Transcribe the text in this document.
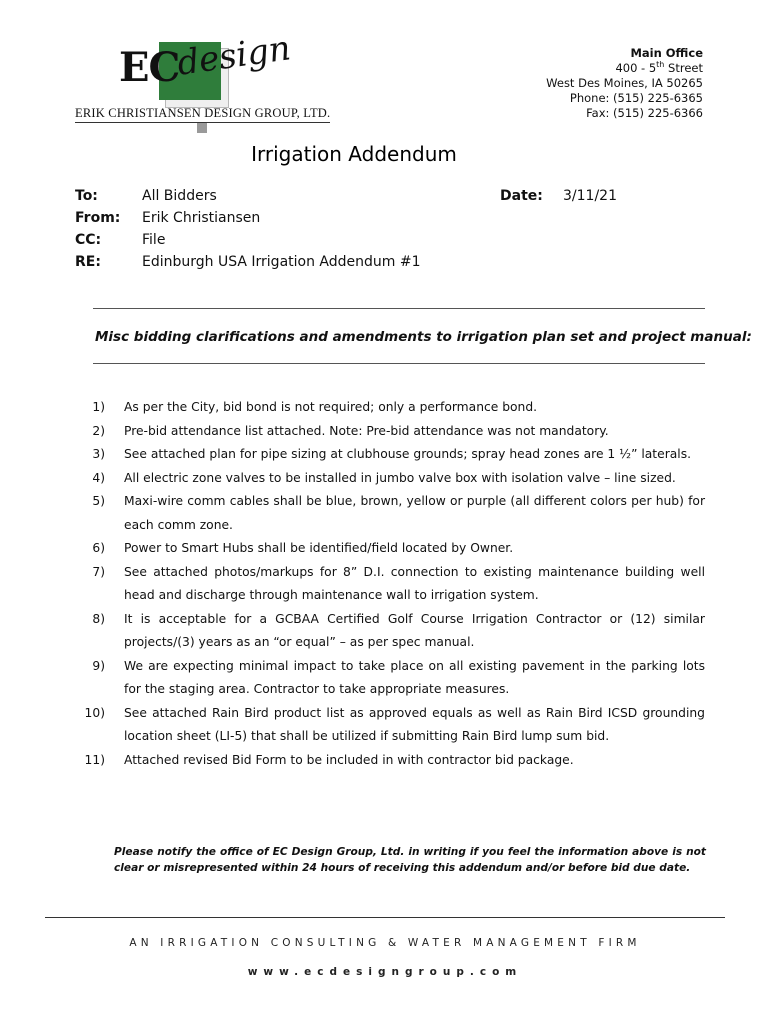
EC
design
ERIK CHRISTIANSEN DESIGN GROUP, LTD.
Main Office
400 - 5th Street
West Des Moines, IA 50265
Phone: (515) 225-6365
Fax: (515) 225-6366
Irrigation Addendum
To:	All Bidders
From: Erik Christiansen
CC:	File
RE:	Edinburgh USA Irrigation Addendum #1
Date: 3/11/21
Misc bidding clarifications and amendments to irrigation plan set and project manual:
1) As per the City, bid bond is not required; only a performance bond.
2) Pre-bid attendance list attached. Note: Pre-bid attendance was not mandatory.
3) See attached plan for pipe sizing at clubhouse grounds; spray head zones are 1 ½” laterals.
4) All electric zone valves to be installed in jumbo valve box with isolation valve – line sized.
5) Maxi-wire comm cables shall be blue, brown, yellow or purple (all different colors per hub) for each comm zone.
6) Power to Smart Hubs shall be identified/field located by Owner.
7) See attached photos/markups for 8” D.I. connection to existing maintenance building well head and discharge through maintenance wall to irrigation system.
8) It is acceptable for a GCBAA Certified Golf Course Irrigation Contractor or (12) similar projects/(3) years as an “or equal” – as per spec manual.
9) We are expecting minimal impact to take place on all existing pavement in the parking lots for the staging area. Contractor to take appropriate measures.
10) See attached Rain Bird product list as approved equals as well as Rain Bird ICSD grounding location sheet (LI-5) that shall be utilized if submitting Rain Bird lump sum bid.
11) Attached revised Bid Form to be included in with contractor bid package.
Please notify the office of EC Design Group, Ltd. in writing if you feel the information above is not clear or misrepresented within 24 hours of receiving this addendum and/or before bid due date.
AN IRRIGATION CONSULTING & WATER MANAGEMENT FIRM
www.ecdesigngroup.com
